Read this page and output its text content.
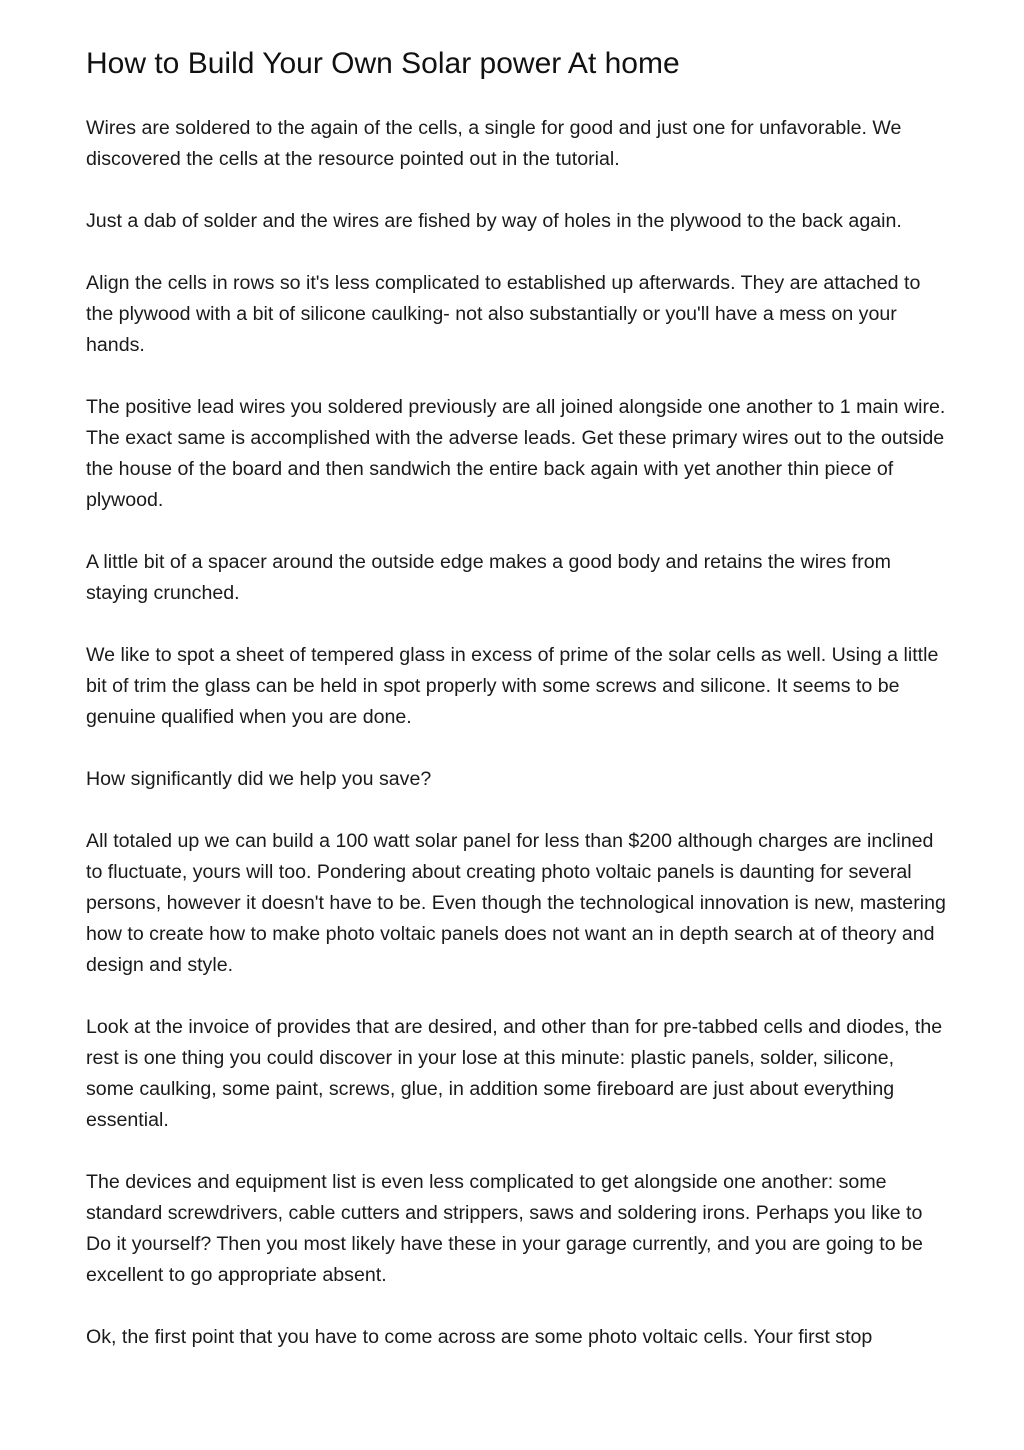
How to Build Your Own Solar power At home

Wires are soldered to the again of the cells, a single for good and just one for unfavorable. We discovered the cells at the resource pointed out in the tutorial.

Just a dab of solder and the wires are fished by way of holes in the plywood to the back again.

Align the cells in rows so it's less complicated to established up afterwards. They are attached to the plywood with a bit of silicone caulking- not also substantially or you'll have a mess on your hands.

The positive lead wires you soldered previously are all joined alongside one another to 1 main wire. The exact same is accomplished with the adverse leads. Get these primary wires out to the outside the house of the board and then sandwich the entire back again with yet another thin piece of plywood.

A little bit of a spacer around the outside edge makes a good body and retains the wires from staying crunched.

We like to spot a sheet of tempered glass in excess of prime of the solar cells as well. Using a little bit of trim the glass can be held in spot properly with some screws and silicone. It seems to be genuine qualified when you are done.

How significantly did we help you save?

All totaled up we can build a 100 watt solar panel for less than $200 although charges are inclined to fluctuate, yours will too. Pondering about creating photo voltaic panels is daunting for several persons, however it doesn't have to be. Even though the technological innovation is new, mastering how to create how to make photo voltaic panels does not want an in depth search at of theory and design and style.

Look at the invoice of provides that are desired, and other than for pre-tabbed cells and diodes, the rest is one thing you could discover in your lose at this minute: plastic panels, solder, silicone, some caulking, some paint, screws, glue, in addition some fireboard are just about everything essential.

The devices and equipment list is even less complicated to get alongside one another: some standard screwdrivers, cable cutters and strippers, saws and soldering irons. Perhaps you like to Do it yourself? Then you most likely have these in your garage currently, and you are going to be excellent to go appropriate absent.

Ok, the first point that you have to come across are some photo voltaic cells. Your first stop
